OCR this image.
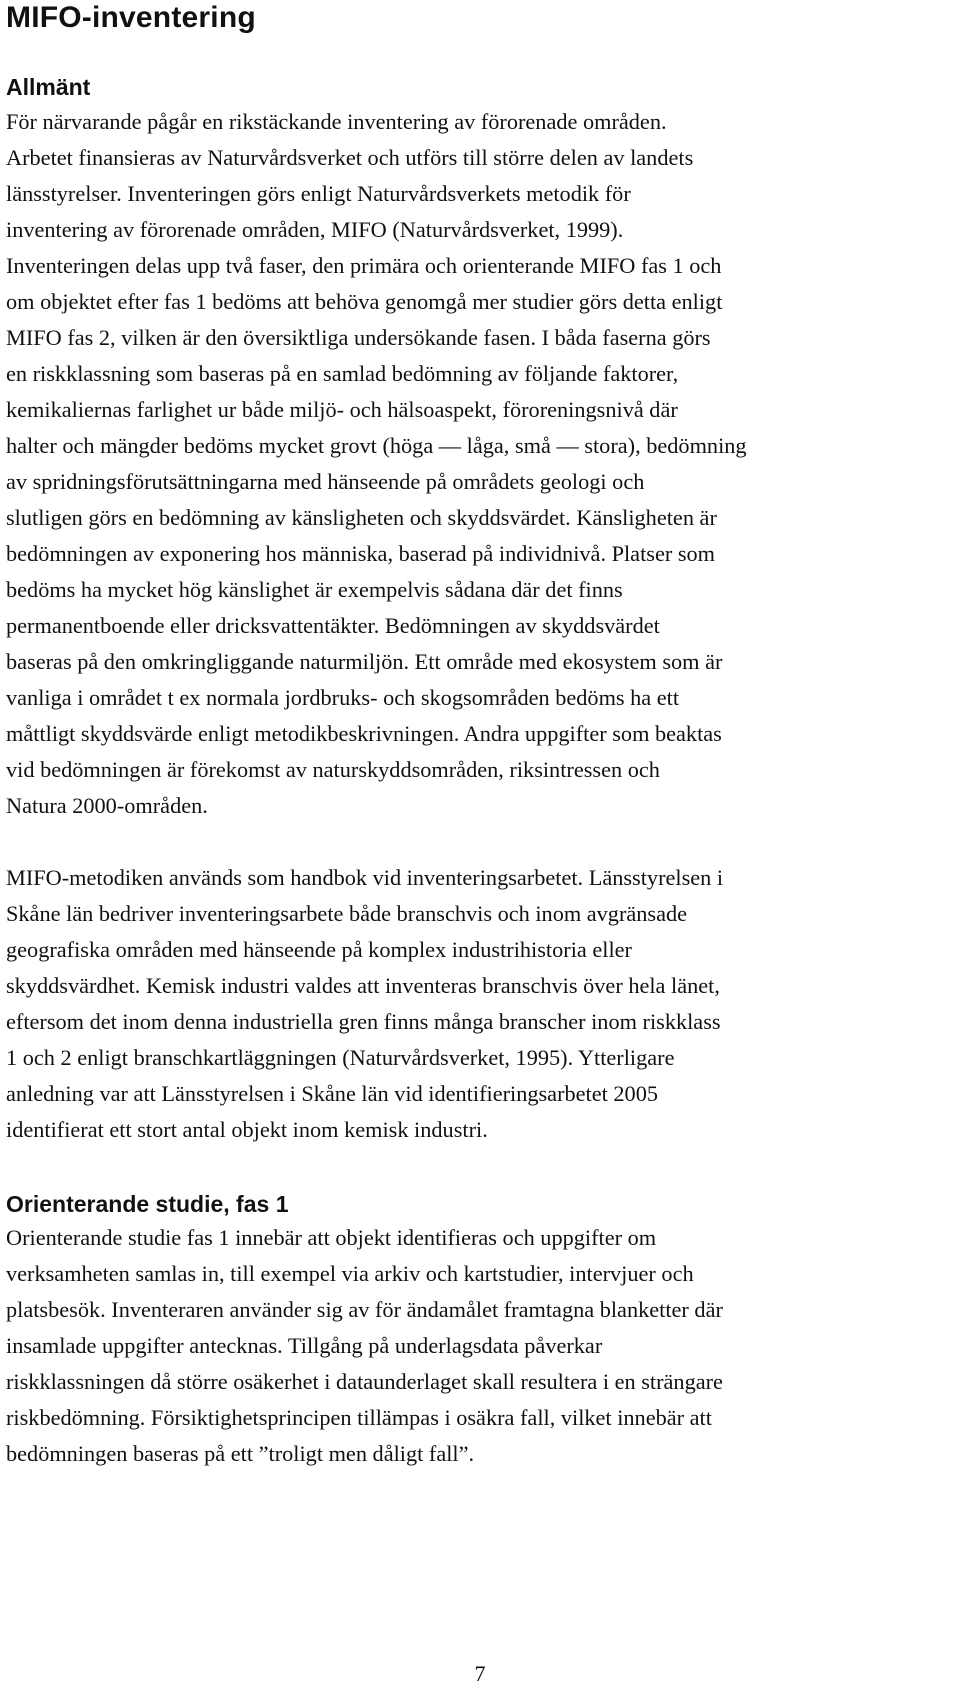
MIFO-inventering
Allmänt

För närvarande pågår en rikstäckande inventering av förorenade områden.
Arbetet finansieras av Naturvårdsverket och utförs till större delen av landets
länsstyrelser. Inventeringen görs enligt Naturvårdsverkets metodik för
inventering av förorenade områden, MIFO (Naturvårdsverket, 1999).
Inventeringen delas upp två faser, den primära och orienterande MIFO fas 1 och
om objektet efter fas 1 bedöms att behöva genomgå mer studier görs detta enligt
MIFO fas 2, vilken är den översiktliga undersökande fasen. I båda faserna görs
en riskklassning som baseras på en samlad bedömning av följande faktorer,
kemikaliernas farlighet ur både miljö- och hälsoaspekt, föroreningsnivå där
halter och mängder bedöms mycket grovt (höga — låga, små — stora), bedömning
av spridningsförutsättningarna med hänseende på områdets geologi och
slutligen görs en bedömning av känsligheten och skyddsvärdet. Känsligheten är
bedömningen av exponering hos människa, baserad på individnivå. Platser som
bedöms ha mycket hög känslighet är exempelvis sådana där det finns
permanentboende eller dricksvattentäkter. Bedömningen av skyddsvärdet
baseras på den omkringliggande naturmiljön. Ett område med ekosystem som är
vanliga i området t ex normala jordbruks- och skogsområden bedöms ha ett
måttligt skyddsvärde enligt metodikbeskrivningen. Andra uppgifter som beaktas
vid bedömningen är förekomst av naturskyddsområden, riksintressen och
Natura 2000-områden.

MIFO-metodiken används som handbok vid inventeringsarbetet. Länsstyrelsen i
Skåne län bedriver inventeringsarbete både branschvis och inom avgränsade
geografiska områden med hänseende på komplex industrihistoria eller
skyddsvärdhet. Kemisk industri valdes att inventeras branschvis över hela länet,
eftersom det inom denna industriella gren finns många branscher inom riskklass
1 och 2 enligt branschkartläggningen (Naturvårdsverket, 1995). Ytterligare
anledning var att Länsstyrelsen i Skåne län vid identifieringsarbetet 2005
identifierat ett stort antal objekt inom kemisk industri.

Orienterande studie, fas 1

Orienterande studie fas 1 innebär att objekt identifieras och uppgifter om
verksamheten samlas in, till exempel via arkiv och kartstudier, intervjuer och
platsbesök. Inventeraren använder sig av för ändamålet framtagna blanketter där
insamlade uppgifter antecknas. Tillgång på underlagsdata påverkar
riskklassningen då större osäkerhet i dataunderlaget skall resultera i en strängare
riskbedömning. Försiktighetsprincipen tillämpas i osäkra fall, vilket innebär att
bedömningen baseras på ett ”troligt men dåligt fall”.

7
